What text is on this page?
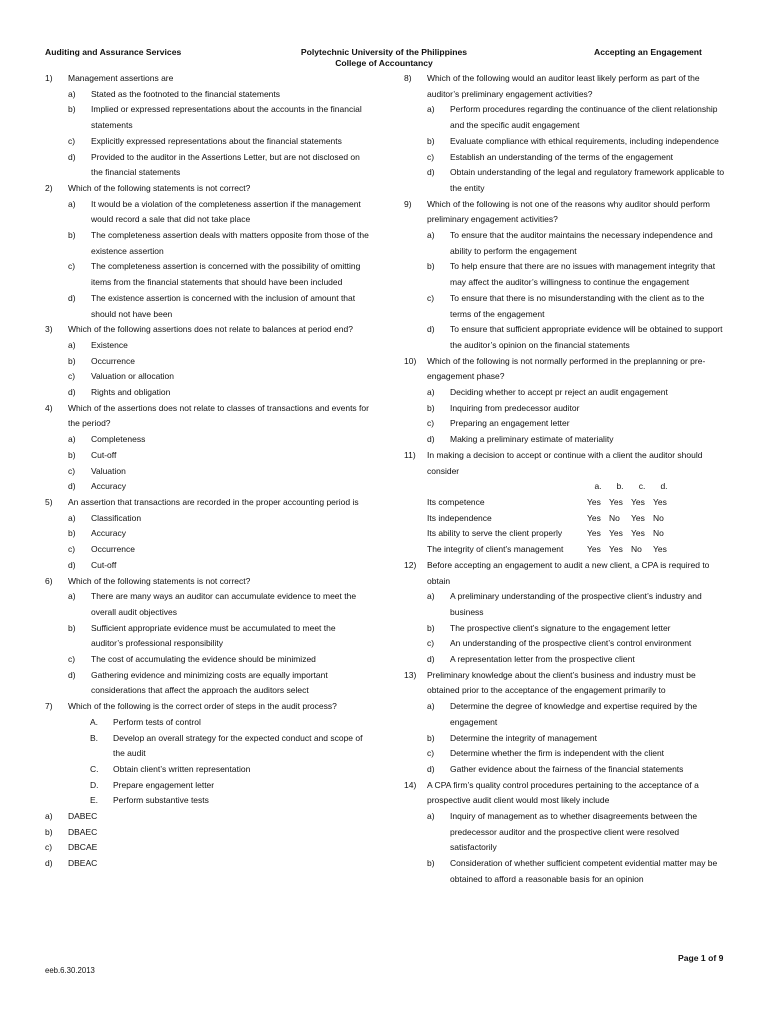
Auditing and Assurance Services	Polytechnic University of the Philippines
College of Accountancy
Accepting an Engagement
1)	Management assertions are
a)	Stated as the footnoted to the financial statements
b)	Implied or expressed representations about the accounts in the financial statements
c)	Explicitly expressed representations about the financial statements
d)	Provided to the auditor in the Assertions Letter, but are not disclosed on the financial statements
2)	Which of the following statements is not correct?
a)	It would be a violation of the completeness assertion if the management would record a sale that did not take place
b)	The completeness assertion deals with matters opposite from those of the existence assertion
c)	The completeness assertion is concerned with the possibility of omitting items from the financial statements that should have been included
d)	The existence assertion is concerned with the inclusion of amount that should not have been
3)	Which of the following assertions does not relate to balances at period end?
a)	Existence
b)	Occurrence
c)	Valuation or allocation
d)	Rights and obligation
4)	Which of the assertions does not relate to classes of transactions and events for the period?
a)	Completeness
b)	Cut-off
c)	Valuation
d)	Accuracy
5)	An assertion that transactions are recorded in the proper accounting period is
a)	Classification
b)	Accuracy
c)	Occurrence
d)	Cut-off
6)	Which of the following statements is not correct?
a)	There are many ways an auditor can accumulate evidence to meet the overall audit objectives
b)	Sufficient appropriate evidence must be accumulated to meet the auditor’s professional responsibility
c)	The cost of accumulating the evidence should be minimized
d)	Gathering evidence and minimizing costs are equally important considerations that affect the approach the auditors select
7)	Which of the following is the correct order of steps in the audit process?
A.	Perform tests of control
B.	Develop an overall strategy for the expected conduct and scope of the audit
C.	Obtain client’s written representation
D.	Prepare engagement letter
E.	Perform substantive tests
a)	DABEC
b)	DBAEC
c)	DBCAE
d)	DBEAC
8)	Which of the following would an auditor least likely perform as part of the auditor’s preliminary engagement activities?
a)	Perform procedures regarding the continuance of the client relationship and the specific audit engagement
b)	Evaluate compliance with ethical requirements, including independence
c)	Establish an understanding of the terms of the engagement
d)	Obtain understanding of the legal and regulatory framework applicable to the entity
9)	Which of the following is not one of the reasons why auditor should perform preliminary engagement activities?
a)	To ensure that the auditor maintains the necessary independence and ability to perform the engagement
b)	To help ensure that there are no issues with management integrity that may affect the auditor’s willingness to continue the engagement
c)	To ensure that there is no misunderstanding with the client as to the terms of the engagement
d)	To ensure that sufficient appropriate evidence will be obtained to support the auditor’s opinion on the financial statements
10)	Which of the following is not normally performed in the preplanning or pre-engagement phase?
a)	Deciding whether to accept pr reject an audit engagement
b)	Inquiring from predecessor auditor
c)	Preparing an engagement letter
d)	Making a preliminary estimate of materiality
11)	In making a decision to accept or continue with a client the auditor should consider
	a.	b.	c.	d.
Its competence	Yes	Yes	Yes	Yes
Its independence	Yes	No	Yes	No
Its ability to serve the client properly	Yes	Yes	Yes	No
The integrity of client’s management	Yes	Yes	No	Yes
12)	Before accepting an engagement to audit a new client, a CPA is required to obtain
a)	A preliminary understanding of the prospective client’s industry and business
b)	The prospective client’s signature to the engagement letter
c)	An understanding of the prospective client’s control environment
d)	A representation letter from the prospective client
13)	Preliminary knowledge about the client’s business and industry must be obtained prior to the acceptance of the engagement primarily to
a)	Determine the degree of knowledge and expertise required by the engagement
b)	Determine the integrity of management
c)	Determine whether the firm is independent with the client
d)	Gather evidence about the fairness of the financial statements
14)	A CPA firm’s quality control procedures pertaining to the acceptance of a prospective audit client would most likely include
a)	Inquiry of management as to whether disagreements between the predecessor auditor and the prospective client were resolved satisfactorily
b)	Consideration of whether sufficient competent evidential matter may be obtained to afford a reasonable basis for an opinion
eeb.6.30.2013
Page 1 of 9
